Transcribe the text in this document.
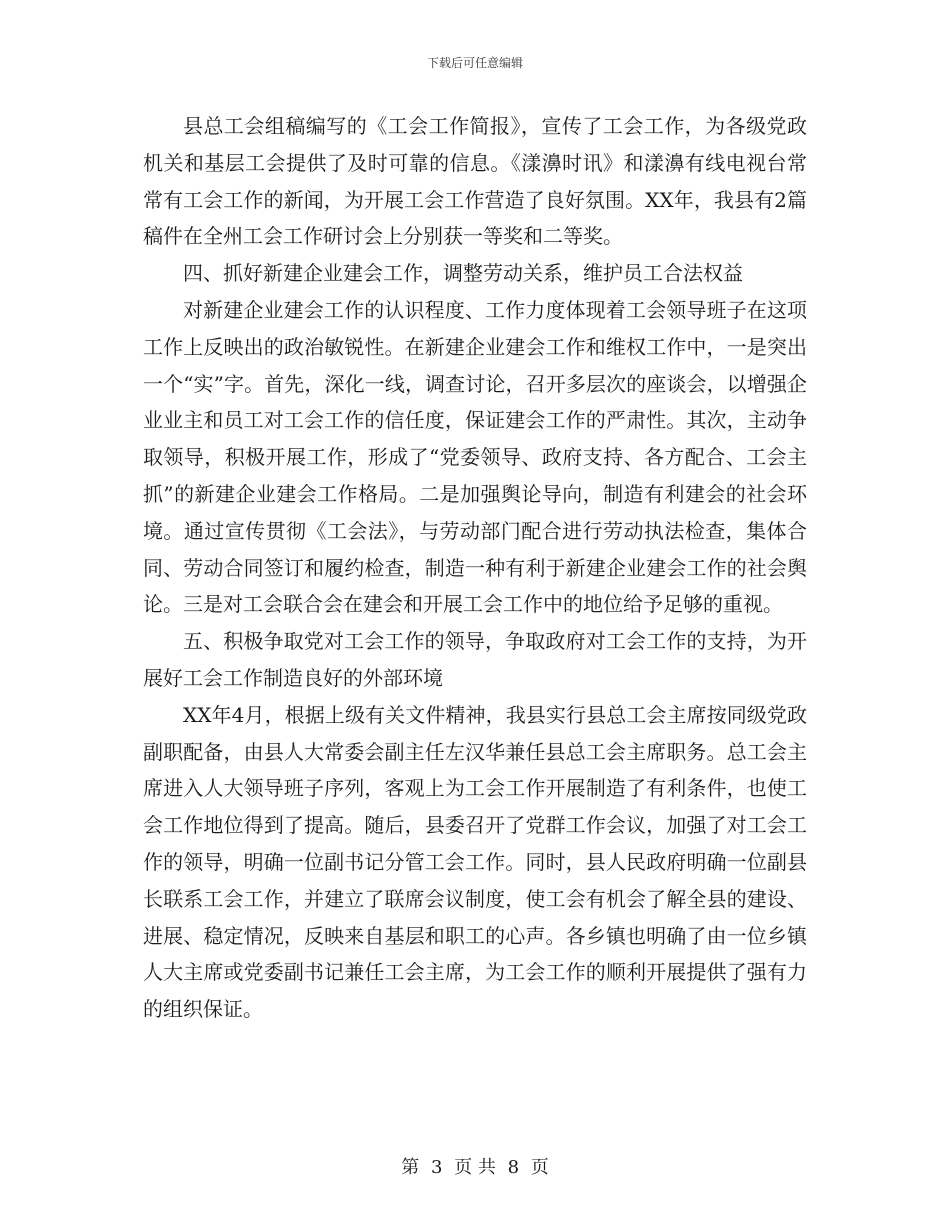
下载后可任意编辑

县总工会组稿编写的《工会工作简报》，宣传了工会工作，为各级党政机关和基层工会提供了及时可靠的信息。《漾濞时讯》和漾濞有线电视台常常有工会工作的新闻，为开展工会工作营造了良好氛围。XX年，我县有2篇稿件在全州工会工作研讨会上分别获一等奖和二等奖。

四、抓好新建企业建会工作，调整劳动关系，维护员工合法权益

对新建企业建会工作的认识程度、工作力度体现着工会领导班子在这项工作上反映出的政治敏锐性。在新建企业建会工作和维权工作中，一是突出一个“实”字。首先，深化一线，调查讨论，召开多层次的座谈会，以增强企业业主和员工对工会工作的信任度，保证建会工作的严肃性。其次，主动争取领导，积极开展工作，形成了“党委领导、政府支持、各方配合、工会主抓”的新建企业建会工作格局。二是加强舆论导向，制造有利建会的社会环境。通过宣传贯彻《工会法》，与劳动部门配合进行劳动执法检查，集体合同、劳动合同签订和履约检查，制造一种有利于新建企业建会工作的社会舆论。三是对工会联合会在建会和开展工会工作中的地位给予足够的重视。

五、积极争取党对工会工作的领导，争取政府对工会工作的支持，为开展好工会工作制造良好的外部环境

XX年4月，根据上级有关文件精神，我县实行县总工会主席按同级党政副职配备，由县人大常委会副主任左汉华兼任县总工会主席职务。总工会主席进入人大领导班子序列，客观上为工会工作开展制造了有利条件，也使工会工作地位得到了提高。随后，县委召开了党群工作会议，加强了对工会工作的领导，明确一位副书记分管工会工作。同时，县人民政府明确一位副县长联系工会工作，并建立了联席会议制度，使工会有机会了解全县的建设、进展、稳定情况，反映来自基层和职工的心声。各乡镇也明确了由一位乡镇人大主席或党委副书记兼任工会主席，为工会工作的顺利开展提供了强有力的组织保证。

第 3 页 共 8 页
